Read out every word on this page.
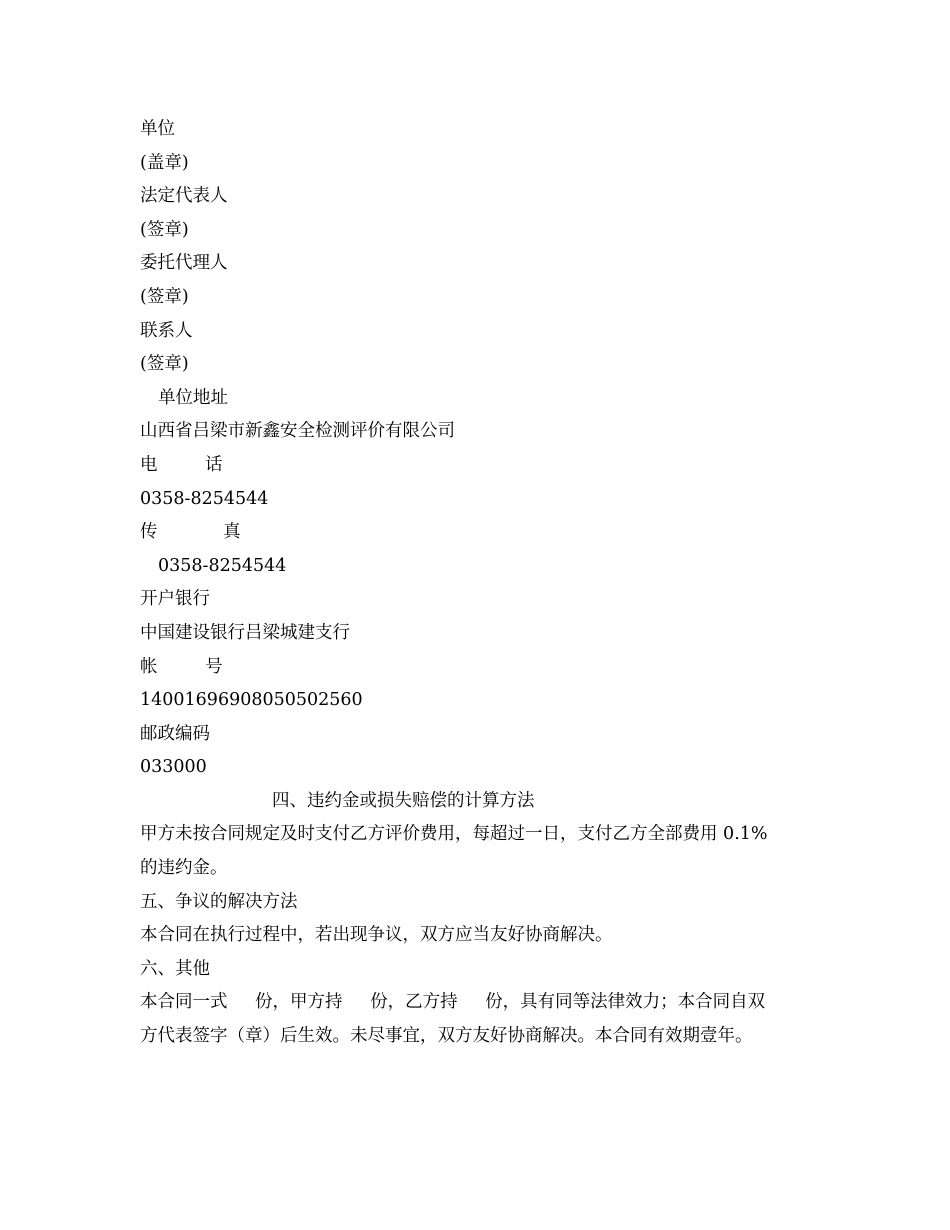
单位
(盖章)
法定代表人
(签章)
委托代理人
(签章)
联系人
(签章)
单位地址
山西省吕梁市新鑫安全检测评价有限公司
电 话
0358-8254544
传 真
0358-8254544
开户银行
中国建设银行吕梁城建支行
帐 号
14001696908050502560
邮政编码
033000
四、违约金或损失赔偿的计算方法
甲方未按合同规定及时支付乙方评价费用，每超过一日，支付乙方全部费用 0.1%
的违约金。
五、争议的解决方法
本合同在执行过程中，若出现争议，双方应当友好协商解决。
六、其他
本合同一式 份，甲方持 份，乙方持 份，具有同等法律效力；本合同自双
方代表签字（章）后生效。未尽事宜，双方友好协商解决。本合同有效期壹年。
